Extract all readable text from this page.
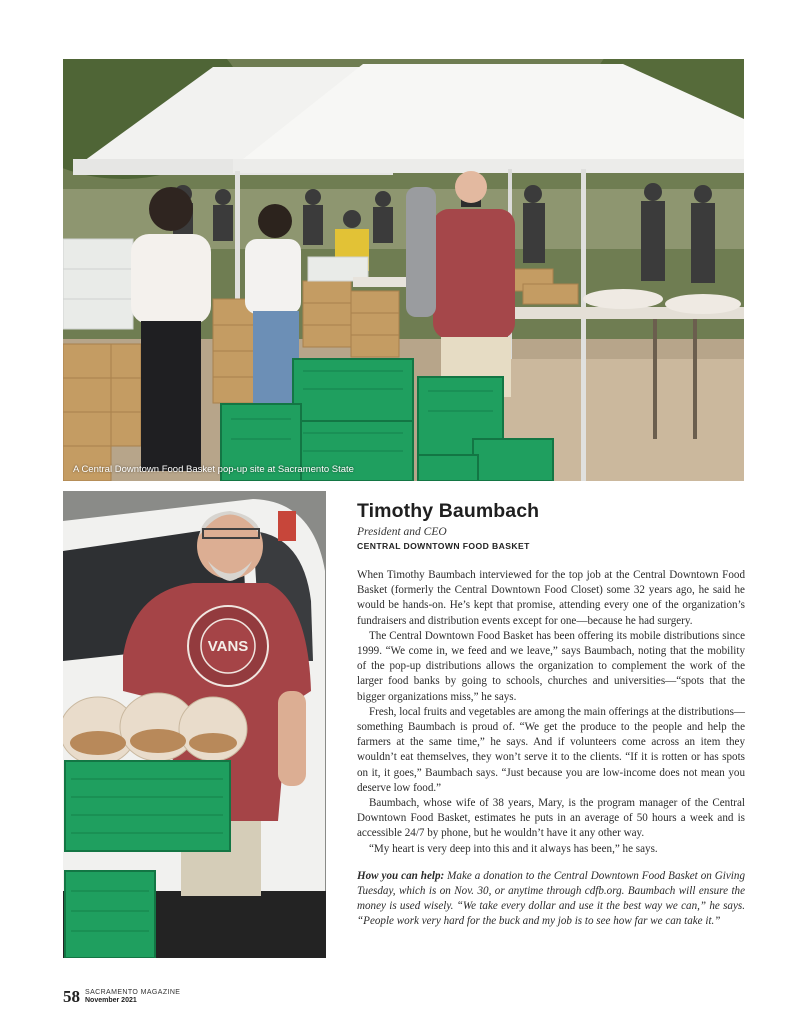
A Central Downtown Food Basket pop-up site at Sacramento State
VANS
Timothy Baumbach
President and CEO
CENTRAL DOWNTOWN FOOD BASKET

When Timothy Baumbach interviewed for the top job at the Central Downtown Food Basket (formerly the Central Downtown Food Closet) some 32 years ago, he said he would be hands-on. He’s kept that promise, attending every one of the organization’s fundraisers and distribution events except for one—because he had surgery.

The Central Downtown Food Basket has been offering its mobile distributions since 1999. “We come in, we feed and we leave,” says Baumbach, noting that the mobility of the pop-up distributions allows the organization to complement the work of the larger food banks by going to schools, churches and universities—“spots that the bigger organizations miss,” he says.

Fresh, local fruits and vegetables are among the main offerings at the distributions—something Baumbach is proud of. “We get the produce to the people and help the farmers at the same time,” he says. And if volunteers come across an item they wouldn’t eat themselves, they won’t serve it to the clients. “If it is rotten or has spots on it, it goes,” Baumbach says. “Just because you are low-income does not mean you deserve low food.”

Baumbach, whose wife of 38 years, Mary, is the program manager of the Central Downtown Food Basket, estimates he puts in an average of 50 hours a week and is accessible 24/7 by phone, but he wouldn’t have it any other way.

“My heart is very deep into this and it always has been,” he says.

How you can help: Make a donation to the Central Downtown Food Basket on Giving Tuesday, which is on Nov. 30, or anytime through cdfb.org. Baumbach will ensure the money is used wisely. “We take every dollar and use it the best way we can,” he says. “People work very hard for the buck and my job is to see how far we can take it.”
58 SACRAMENTO MAGAZINE
November 2021
